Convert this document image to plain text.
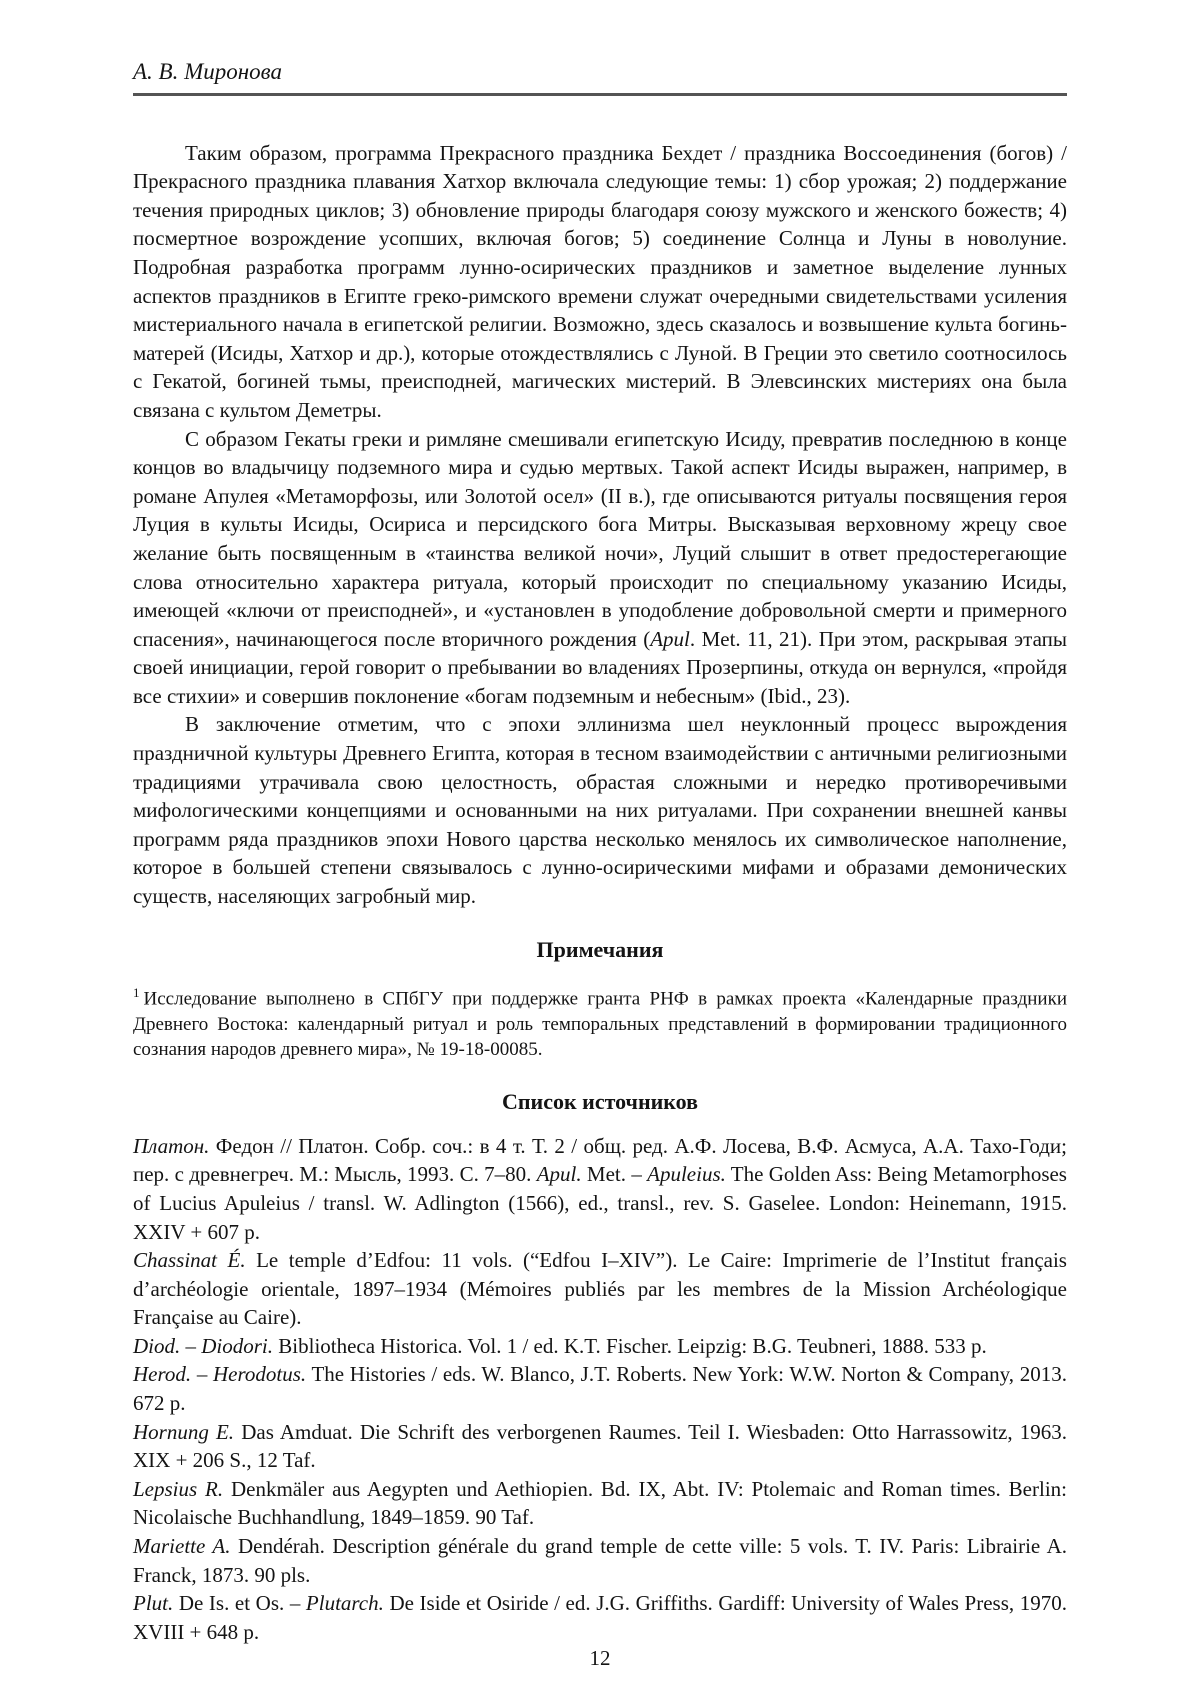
А. В. Миронова

Таким образом, программа Прекрасного праздника Бехдет / праздника Воссоединения (богов) / Прекрасного праздника плавания Хатхор включала следующие темы: 1) сбор урожая; 2) поддержание течения природных циклов; 3) обновление природы благодаря союзу мужского и женского божеств; 4) посмертное возрождение усопших, включая богов; 5) соединение Солнца и Луны в новолуние. Подробная разработка программ лунно-осирических праздников и заметное выделение лунных аспектов праздников в Египте греко-римского времени служат очередными свидетельствами усиления мистериального начала в египетской религии. Возможно, здесь сказалось и возвышение культа богинь-матерей (Исиды, Хатхор и др.), которые отождествлялись с Луной. В Греции это светило соотносилось с Гекатой, богиней тьмы, преисподней, магических мистерий. В Элевсинских мистериях она была связана с культом Деметры.

С образом Гекаты греки и римляне смешивали египетскую Исиду, превратив последнюю в конце концов во владычицу подземного мира и судью мертвых. Такой аспект Исиды выражен, например, в романе Апулея «Метаморфозы, или Золотой осел» (II в.), где описываются ритуалы посвящения героя Луция в культы Исиды, Осириса и персидского бога Митры. Высказывая верховному жрецу свое желание быть посвященным в «таинства великой ночи», Луций слышит в ответ предостерегающие слова относительно характера ритуала, который происходит по специальному указанию Исиды, имеющей «ключи от преисподней», и «установлен в уподобление добровольной смерти и примерного спасения», начинающегося после вторичного рождения (Apul. Met. 11, 21). При этом, раскрывая этапы своей инициации, герой говорит о пребывании во владениях Прозерпины, откуда он вернулся, «пройдя все стихии» и совершив поклонение «богам подземным и небесным» (Ibid., 23).

В заключение отметим, что с эпохи эллинизма шел неуклонный процесс вырождения праздничной культуры Древнего Египта, которая в тесном взаимодействии с античными религиозными традициями утрачивала свою целостность, обрастая сложными и нередко противоречивыми мифологическими концепциями и основанными на них ритуалами. При сохранении внешней канвы программ ряда праздников эпохи Нового царства несколько менялось их символическое наполнение, которое в большей степени связывалось с лунно-осирическими мифами и образами демонических существ, населяющих загробный мир.

Примечания

$^1$ Исследование выполнено в СПбГУ при поддержке гранта РНФ в рамках проекта «Календарные праздники Древнего Востока: календарный ритуал и роль темпоральных представлений в формировании традиционного сознания народов древнего мира», № 19-18-00085.

Список источников

Платон. Федон // Платон. Собр. соч.: в 4 т. Т. 2 / общ. ред. А.Ф. Лосева, В.Ф. Асмуса, А.А. Тахо-Годи; пер. с древнегреч. М.: Мысль, 1993. С. 7–80. Apul. Met. – Apuleius. The Golden Ass: Being Metamorphoses of Lucius Apuleius / transl. W. Adlington (1566), ed., transl., rev. S. Gaselee. London: Heinemann, 1915. XXIV + 607 p.

Chassinat É. Le temple d’Edfou: 11 vols. (“Edfou I–XIV”). Le Caire: Imprimerie de l’Institut français d’archéologie orientale, 1897–1934 (Mémoires publiés par les membres de la Mission Archéologique Française au Caire).

Diod. – Diodori. Bibliotheca Historica. Vol. 1 / ed. K.T. Fischer. Leipzig: B.G. Teubneri, 1888. 533 p.

Herod. – Herodotus. The Histories / eds. W. Blanco, J.T. Roberts. New York: W.W. Norton & Company, 2013. 672 p.

Hornung E. Das Amduat. Die Schrift des verborgenen Raumes. Teil I. Wiesbaden: Otto Harrassowitz, 1963. XIX + 206 S., 12 Taf.

Lepsius R. Denkmäler aus Aegypten und Aethiopien. Bd. IX, Abt. IV: Ptolemaic and Roman times. Berlin: Nicolaische Buchhandlung, 1849–1859. 90 Taf.

Mariette A. Dendérah. Description générale du grand temple de cette ville: 5 vols. T. IV. Paris: Librairie A. Franck, 1873. 90 pls.

Plut. De Is. et Os. – Plutarch. De Iside et Osiride / ed. J.G. Griffiths. Gardiff: University of Wales Press, 1970. XVIII + 648 p.

12
